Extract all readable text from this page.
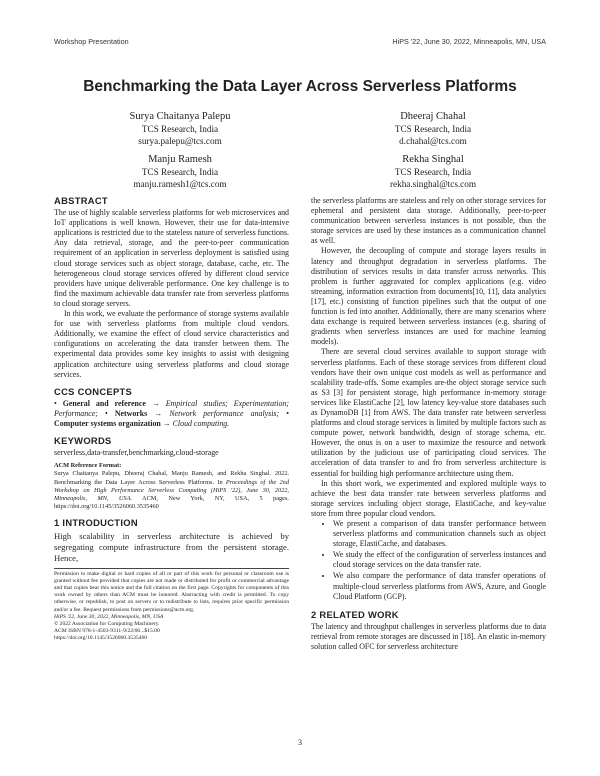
Workshop Presentation	HiPS '22, June 30, 2022, Minneapolis, MN, USA
Benchmarking the Data Layer Across Serverless Platforms
Surya Chaitanya Palepu
TCS Research, India
surya.palepu@tcs.com
Dheeraj Chahal
TCS Research, India
d.chahal@tcs.com
Manju Ramesh
TCS Research, India
manju.ramesh1@tcs.com
Rekha Singhal
TCS Research, India
rekha.singhal@tcs.com
ABSTRACT

The use of highly scalable serverless platforms for web microservices and IoT applications is well known. However, their use for data-intensive applications is restricted due to the stateless nature of serverless functions. Any data retrieval, storage, and the peer-to-peer communication requirement of an application in serverless deployment is satisfied using cloud storage services such as object storage, database, cache, etc. The heterogeneous cloud storage services offered by different cloud service providers have unique deliverable performance. One key challenge is to find the maximum achievable data transfer rate from serverless platforms to cloud storage servers.

In this work, we evaluate the performance of storage systems available for use with serverless platforms from multiple cloud vendors. Additionally, we examine the effect of cloud service characteristics and configurations on accelerating the data transfer between them. The experimental data provides some key insights to assist with designing application architecture using serverless platforms and cloud storage services.

CCS CONCEPTS

• General and reference → Empirical studies; Experimentation; Performance; • Networks → Network performance analysis; • Computer systems organization → Cloud computing.

KEYWORDS

serverless,data-transfer,benchmarking,cloud-storage

ACM Reference Format:
Surya Chaitanya Palepu, Dheeraj Chahal, Manju Ramesh, and Rekha Singhal. 2022. Benchmarking the Data Layer Across Serverless Platforms. In Proceedings of the 2nd Workshop on High Performance Serverless Computing (HiPS '22), June 30, 2022, Minneapolis, MN, USA. ACM, New York, NY, USA, 5 pages. https://doi.org/10.1145/3526060.3535460
1 INTRODUCTION

High scalability in serverless architecture is achieved by segregating compute infrastructure from the persistent storage. Hence,

Permission to make digital or hard copies of all or part of this work for personal or classroom use is granted without fee provided that copies are not made or distributed for profit or commercial advantage and that copies bear this notice and the full citation on the first page. Copyrights for components of this work owned by others than ACM must be honored. Abstracting with credit is permitted. To copy otherwise, or republish, to post on servers or to redistribute to lists, requires prior specific permission and/or a fee. Request permissions from permissions@acm.org.
HiPS '22, June 30, 2022, Minneapolis, MN, USA
© 2022 Association for Computing Machinery.
ACM ISBN 978-1-4503-9311-9/22/06...$15.00
https://doi.org/10.1145/3526060.3535460

the serverless platforms are stateless and rely on other storage services for ephemeral and persistent data storage. Additionally, peer-to-peer communication between serverless instances is not possible, thus the storage services are used by these instances as a communication channel as well.

However, the decoupling of compute and storage layers results in latency and throughput degradation in serverless platforms. The distribution of services results in data transfer across networks. This problem is further aggravated for complex applications (e.g. video streaming, information extraction from documents[10, 11], data analytics [17], etc.) consisting of function pipelines such that the output of one function is fed into another. Additionally, there are many scenarios where data exchange is required between serverless instances (e.g. sharing of gradients when serverless instances are used for machine learning models).

There are several cloud services available to support storage with serverless platforms. Each of these storage services from different cloud vendors have their own unique cost models as well as performance and scalability trade-offs. Some examples are-the object storage service such as S3 [3] for persistent storage, high performance in-memory storage services like ElastiCache [2], low latency key-value store databases such as DynamoDB [1] from AWS. The data transfer rate between serverless platforms and cloud storage services is limited by multiple factors such as compute power, network bandwidth, design of storage schema, etc. However, the onus is on a user to maximize the resource and network utilization by the judicious use of participating cloud services. The acceleration of data transfer to and fro from serverless architecture is essential for building high performance architecture using them.

In this short work, we experimented and explored multiple ways to achieve the best data transfer rate between serverless platforms and storage services including object storage, ElastiCache, and key-value store from three popular cloud vendors.

• We present a comparison of data transfer performance between serverless platforms and communication channels such as object storage, ElastiCache, and databases.
• We study the effect of the configuration of serverless instances and cloud storage services on the data transfer rate.
• We also compare the performance of data transfer operations of multiple-cloud serverless platforms from AWS, Azure, and Google Cloud Platform (GCP).
2 RELATED WORK

The latency and throughput challenges in serverless platforms due to data retrieval from remote storages are discussed in [18]. An elastic in-memory solution called OFC for serverless architecture

3
